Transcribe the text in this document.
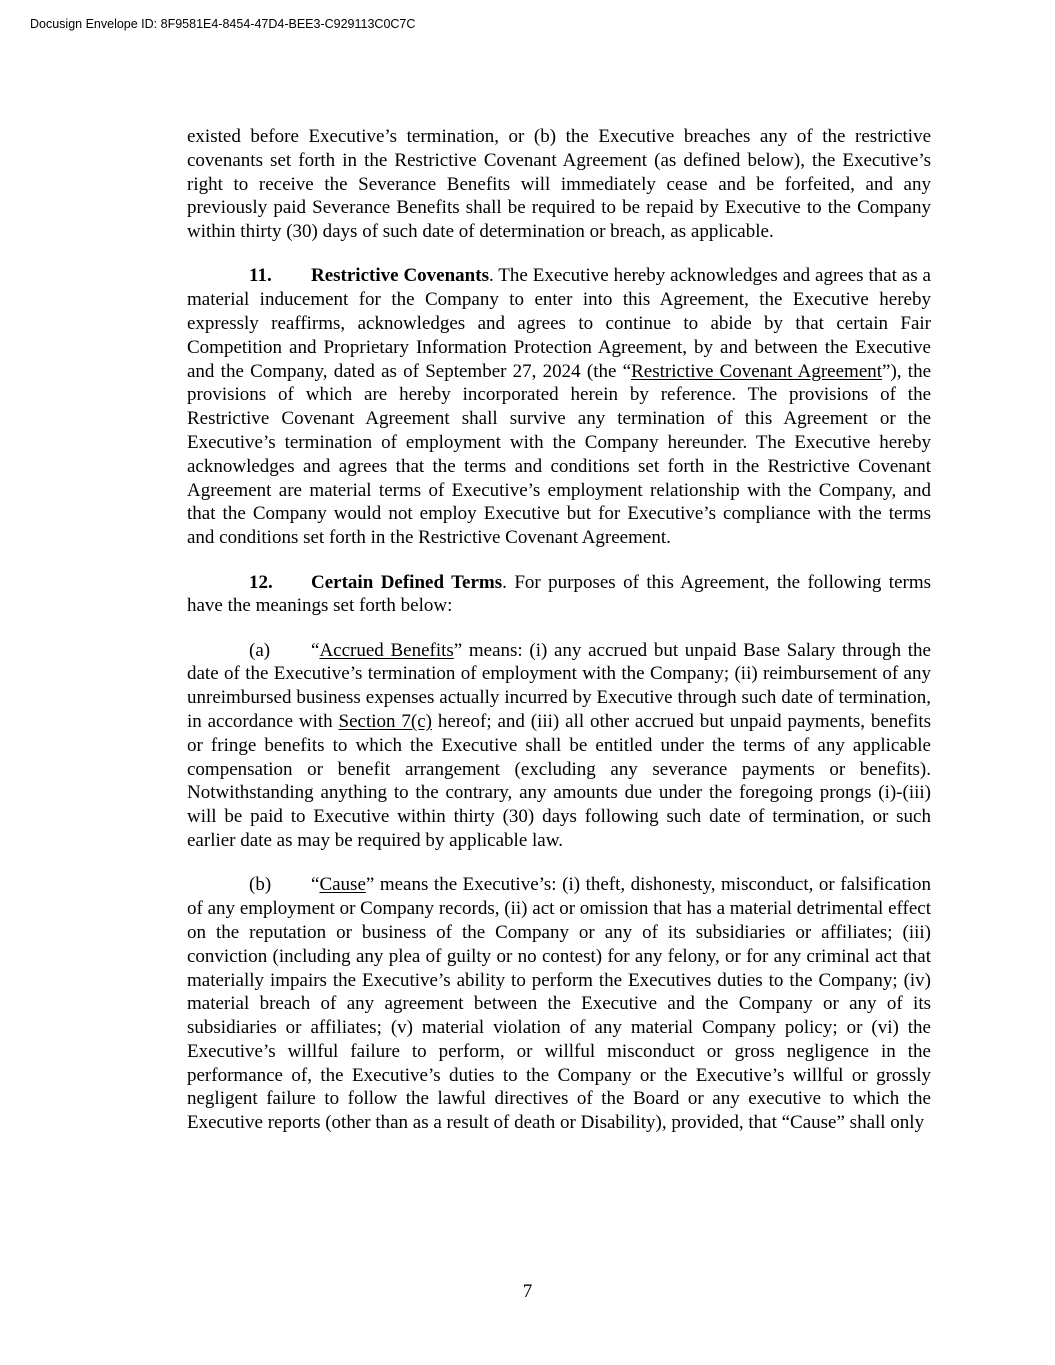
Docusign Envelope ID: 8F9581E4-8454-47D4-BEE3-C929113C0C7C

existed before Executive’s termination, or (b) the Executive breaches any of the restrictive covenants set forth in the Restrictive Covenant Agreement (as defined below), the Executive’s right to receive the Severance Benefits will immediately cease and be forfeited, and any previously paid Severance Benefits shall be required to be repaid by Executive to the Company within thirty (30) days of such date of determination or breach, as applicable.

11. Restrictive Covenants. The Executive hereby acknowledges and agrees that as a material inducement for the Company to enter into this Agreement, the Executive hereby expressly reaffirms, acknowledges and agrees to continue to abide by that certain Fair Competition and Proprietary Information Protection Agreement, by and between the Executive and the Company, dated as of September 27, 2024 (the “Restrictive Covenant Agreement”), the provisions of which are hereby incorporated herein by reference. The provisions of the Restrictive Covenant Agreement shall survive any termination of this Agreement or the Executive’s termination of employment with the Company hereunder. The Executive hereby acknowledges and agrees that the terms and conditions set forth in the Restrictive Covenant Agreement are material terms of Executive’s employment relationship with the Company, and that the Company would not employ Executive but for Executive’s compliance with the terms and conditions set forth in the Restrictive Covenant Agreement.

12. Certain Defined Terms. For purposes of this Agreement, the following terms have the meanings set forth below:

(a) “Accrued Benefits” means: (i) any accrued but unpaid Base Salary through the date of the Executive’s termination of employment with the Company; (ii) reimbursement of any unreimbursed business expenses actually incurred by Executive through such date of termination, in accordance with Section 7(c) hereof; and (iii) all other accrued but unpaid payments, benefits or fringe benefits to which the Executive shall be entitled under the terms of any applicable compensation or benefit arrangement (excluding any severance payments or benefits). Notwithstanding anything to the contrary, any amounts due under the foregoing prongs (i)-(iii) will be paid to Executive within thirty (30) days following such date of termination, or such earlier date as may be required by applicable law.

(b) “Cause” means the Executive’s: (i) theft, dishonesty, misconduct, or falsification of any employment or Company records, (ii) act or omission that has a material detrimental effect on the reputation or business of the Company or any of its subsidiaries or affiliates; (iii) conviction (including any plea of guilty or no contest) for any felony, or for any criminal act that materially impairs the Executive’s ability to perform the Executives duties to the Company; (iv) material breach of any agreement between the Executive and the Company or any of its subsidiaries or affiliates; (v) material violation of any material Company policy; or (vi) the Executive’s willful failure to perform, or willful misconduct or gross negligence in the performance of, the Executive’s duties to the Company or the Executive’s willful or grossly negligent failure to follow the lawful directives of the Board or any executive to which the Executive reports (other than as a result of death or Disability), provided, that “Cause” shall only

7
